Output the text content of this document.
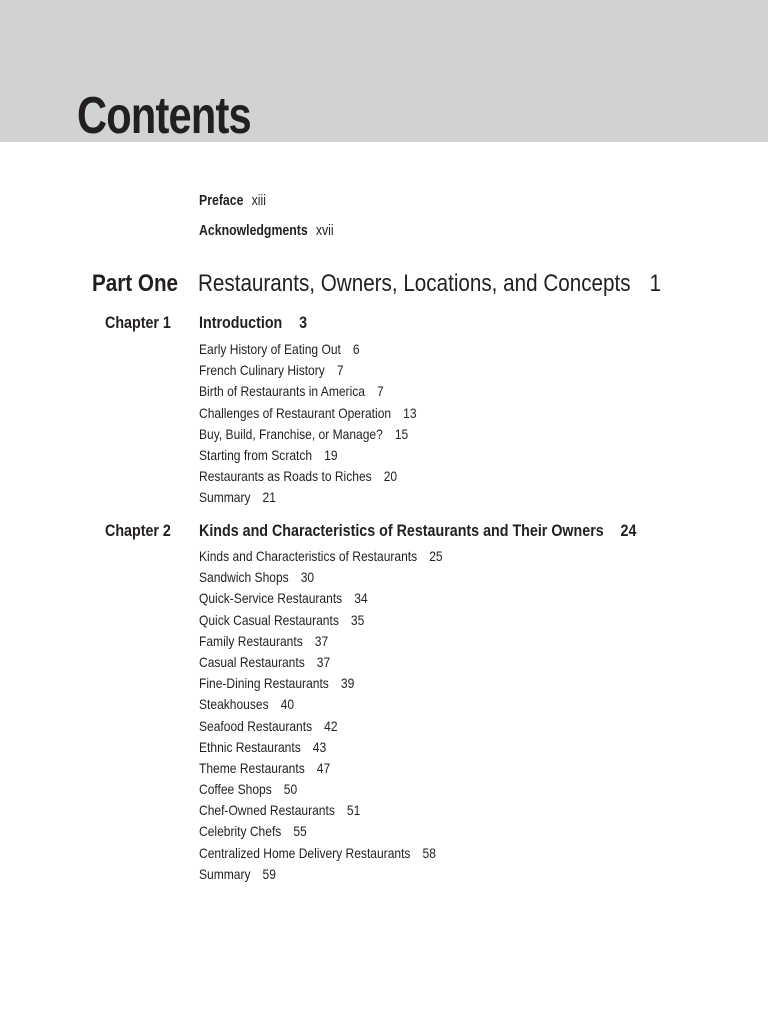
Contents
Preface xiii
Acknowledgments xvii
Part One Restaurants, Owners, Locations, and Concepts 1
Chapter 1 Introduction 3
Early History of Eating Out 6
French Culinary History 7
Birth of Restaurants in America 7
Challenges of Restaurant Operation 13
Buy, Build, Franchise, or Manage? 15
Starting from Scratch 19
Restaurants as Roads to Riches 20
Summary 21
Chapter 2 Kinds and Characteristics of Restaurants and Their Owners 24
Kinds and Characteristics of Restaurants 25
Sandwich Shops 30
Quick-Service Restaurants 34
Quick Casual Restaurants 35
Family Restaurants 37
Casual Restaurants 37
Fine-Dining Restaurants 39
Steakhouses 40
Seafood Restaurants 42
Ethnic Restaurants 43
Theme Restaurants 47
Coffee Shops 50
Chef-Owned Restaurants 51
Celebrity Chefs 55
Centralized Home Delivery Restaurants 58
Summary 59
